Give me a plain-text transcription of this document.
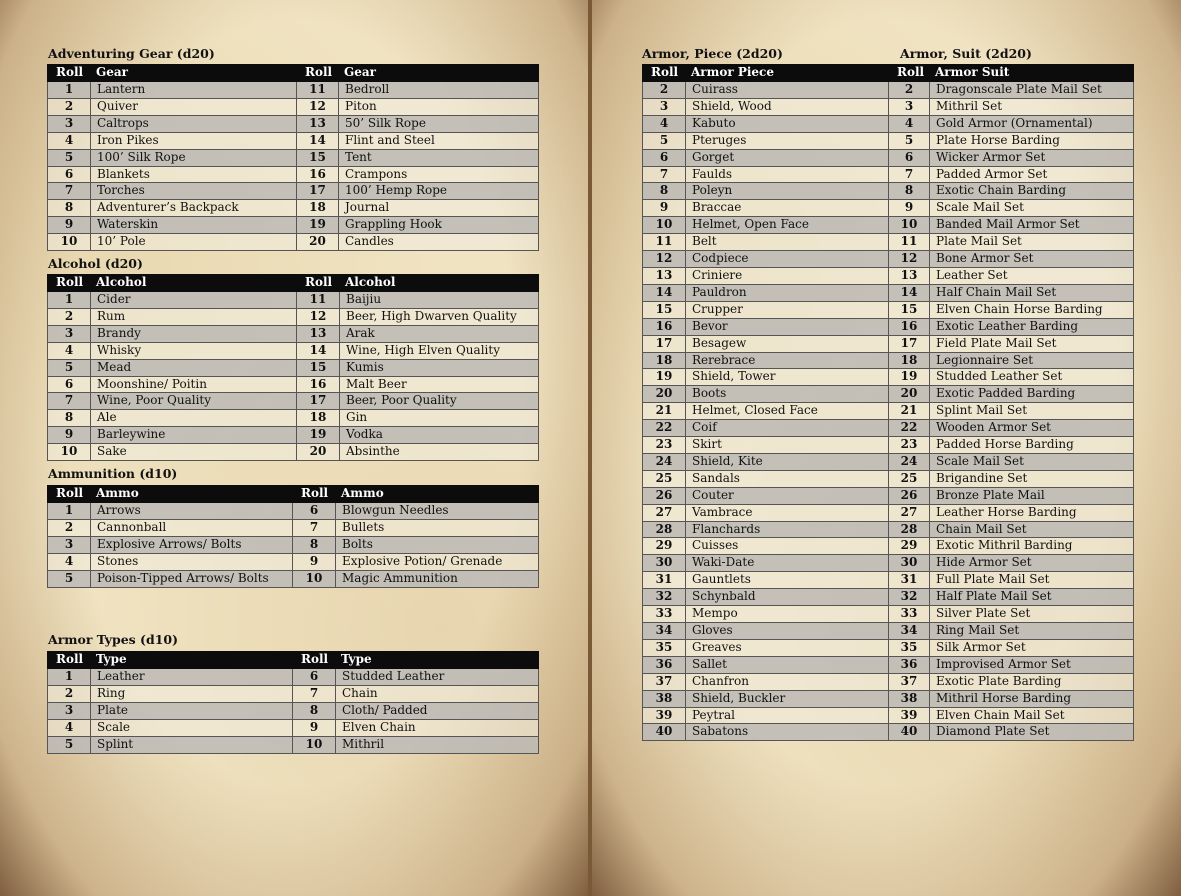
Adventuring Gear (d20)
Roll	Gear	Roll	Gear
1	Lantern	11	Bedroll
2	Quiver	12	Piton
3	Caltrops	13	50’ Silk Rope
4	Iron Pikes	14	Flint and Steel
5	100’ Silk Rope	15	Tent
6	Blankets	16	Crampons
7	Torches	17	100’ Hemp Rope
8	Adventurer’s Backpack	18	Journal
9	Waterskin	19	Grappling Hook
10	10’ Pole	20	Candles
Alcohol (d20)
Roll	Alcohol	Roll	Alcohol
1	Cider	11	Baijiu
2	Rum	12	Beer, High Dwarven Quality
3	Brandy	13	Arak
4	Whisky	14	Wine, High Elven Quality
5	Mead	15	Kumis
6	Moonshine/ Poitin	16	Malt Beer
7	Wine, Poor Quality	17	Beer, Poor Quality
8	Ale	18	Gin
9	Barleywine	19	Vodka
10	Sake	20	Absinthe
Ammunition (d10)
Roll	Ammo	Roll	Ammo
1	Arrows	6	Blowgun Needles
2	Cannonball	7	Bullets
3	Explosive Arrows/ Bolts	8	Bolts
4	Stones	9	Explosive Potion/ Grenade
5	Poison-Tipped Arrows/ Bolts	10	Magic Ammunition
Armor Types (d10)
Roll	Type	Roll	Type
1	Leather	6	Studded Leather
2	Ring	7	Chain
3	Plate	8	Cloth/ Padded
4	Scale	9	Elven Chain
5	Splint	10	Mithril
Armor, Piece (2d20)	Armor, Suit (2d20)
Roll	Armor Piece	Roll	Armor Suit
2	Cuirass	2	Dragonscale Plate Mail Set
3	Shield, Wood	3	Mithril Set
4	Kabuto	4	Gold Armor (Ornamental)
5	Pteruges	5	Plate Horse Barding
6	Gorget	6	Wicker Armor Set
7	Faulds	7	Padded Armor Set
8	Poleyn	8	Exotic Chain Barding
9	Braccae	9	Scale Mail Set
10	Helmet, Open Face	10	Banded Mail Armor Set
11	Belt	11	Plate Mail Set
12	Codpiece	12	Bone Armor Set
13	Criniere	13	Leather Set
14	Pauldron	14	Half Chain Mail Set
15	Crupper	15	Elven Chain Horse Barding
16	Bevor	16	Exotic Leather Barding
17	Besagew	17	Field Plate Mail Set
18	Rerebrace	18	Legionnaire Set
19	Shield, Tower	19	Studded Leather Set
20	Boots	20	Exotic Padded Barding
21	Helmet, Closed Face	21	Splint Mail Set
22	Coif	22	Wooden Armor Set
23	Skirt	23	Padded Horse Barding
24	Shield, Kite	24	Scale Mail Set
25	Sandals	25	Brigandine Set
26	Couter	26	Bronze Plate Mail
27	Vambrace	27	Leather Horse Barding
28	Flanchards	28	Chain Mail Set
29	Cuisses	29	Exotic Mithril Barding
30	Waki-Date	30	Hide Armor Set
31	Gauntlets	31	Full Plate Mail Set
32	Schynbald	32	Half Plate Mail Set
33	Mempo	33	Silver Plate Set
34	Gloves	34	Ring Mail Set
35	Greaves	35	Silk Armor Set
36	Sallet	36	Improvised Armor Set
37	Chanfron	37	Exotic Plate Barding
38	Shield, Buckler	38	Mithril Horse Barding
39	Peytral	39	Elven Chain Mail Set
40	Sabatons	40	Diamond Plate Set
